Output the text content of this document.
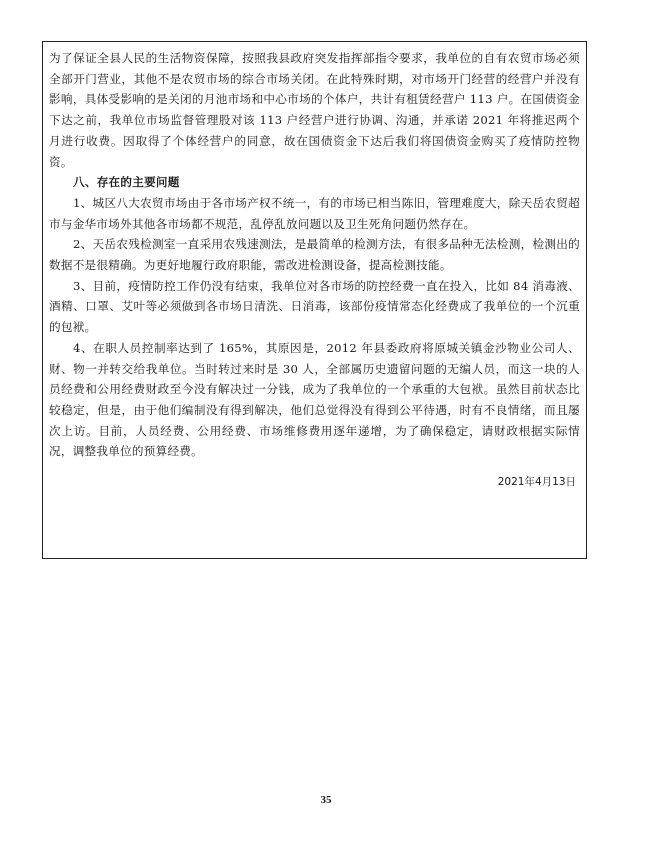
为了保证全县人民的生活物资保障，按照我县政府突发指挥部指令要求，我单位的自有农贸市场必须全部开门营业，其他不是农贸市场的综合市场关闭。在此特殊时期，对市场开门经营的经营户并没有影响，具体受影响的是关闭的月池市场和中心市场的个体户，共计有租赁经营户 113 户。在国债资金下达之前，我单位市场监督管理股对该 113 户经营户进行协调、沟通，并承诺 2021 年将推迟两个月进行收费。因取得了个体经营户的同意，故在国债资金下达后我们将国债资金购买了疫情防控物资。

八、存在的主要问题

1、城区八大农贸市场由于各市场产权不统一，有的市场已相当陈旧，管理难度大，除天岳农贸超市与金华市场外其他各市场都不规范，乱停乱放问题以及卫生死角问题仍然存在。

2、天岳农残检测室一直采用农残速测法，是最简单的检测方法，有很多品种无法检测，检测出的数据不是很精确。为更好地履行政府职能，需改进检测设备，提高检测技能。

3、目前，疫情防控工作仍没有结束，我单位对各市场的防控经费一直在投入，比如 84 消毒液、酒精、口罩、艾叶等必须做到各市场日清洗、日消毒，该部份疫情常态化经费成了我单位的一个沉重的包袱。

4、在职人员控制率达到了 165%，其原因是，2012 年县委政府将原城关镇金沙物业公司人、财、物一并转交给我单位。当时转过来时是 30 人，全部属历史遗留问题的无编人员，而这一块的人员经费和公用经费财政至今没有解决过一分钱，成为了我单位的一个承重的大包袱。虽然目前状态比较稳定，但是，由于他们编制没有得到解决，他们总觉得没有得到公平待遇，时有不良情绪，而且屡次上访。目前，人员经费、公用经费、市场维修费用逐年递增，为了确保稳定，请财政根据实际情况，调整我单位的预算经费。

2021年4月13日
35
